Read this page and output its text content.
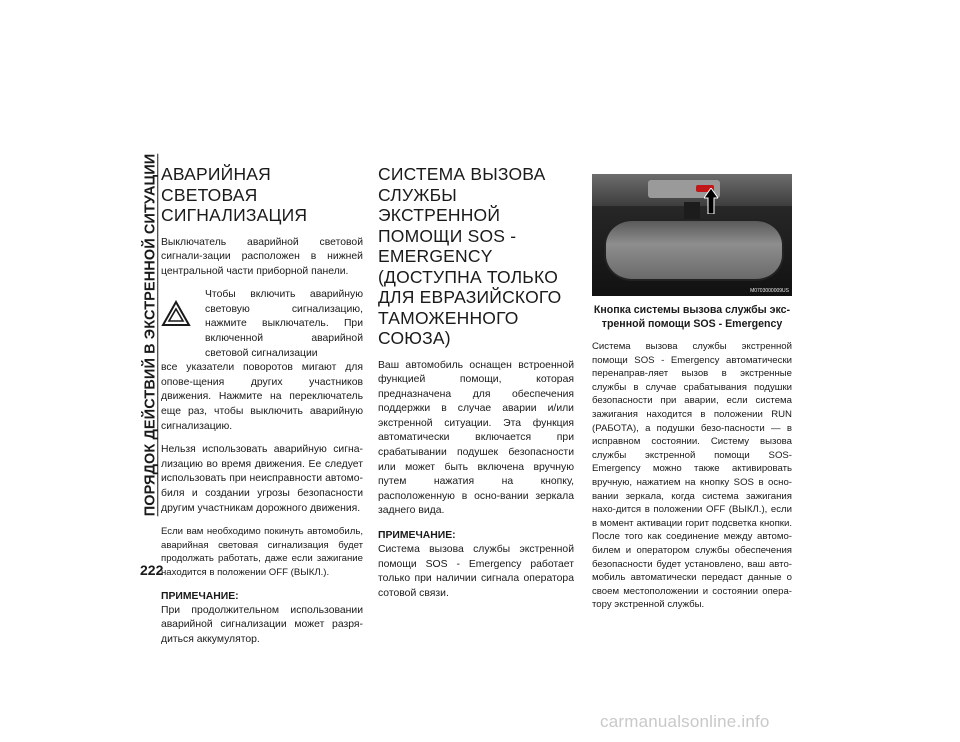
ПОРЯДОК ДЕЙСТВИЙ В ЭКСТРЕННОЙ СИТУАЦИИ
222
АВАРИЙНАЯ СВЕТОВАЯ СИГНАЛИЗАЦИЯ

Выключатель аварийной световой сигнали-зации расположен в нижней центральной части приборной панели.

Чтобы включить аварийную световую сигнализацию, нажмите выключатель. При включенной аварийной световой сигнализации

все указатели поворотов мигают для опове-щения других участников движения. Нажмите на переключатель еще раз, чтобы выключить аварийную сигнализацию.

Нельзя использовать аварийную сигна-лизацию во время движения. Ее следует использовать при неисправности автомо-биля и создании угрозы безопасности другим участникам дорожного движения.

Если вам необходимо покинуть автомобиль, аварийная световая сигнализация будет продолжать работать, даже если зажигание находится в положении OFF (ВЫКЛ.).

ПРИМЕЧАНИЕ:

При продолжительном использовании аварийной сигнализации может разря-диться аккумулятор.

СИСТЕМА ВЫЗОВА СЛУЖБЫ ЭКСТРЕННОЙ ПОМОЩИ SOS - EMERGENCY (ДОСТУПНА ТОЛЬКО ДЛЯ ЕВРАЗИЙСКОГО ТАМОЖЕННОГО СОЮЗА)

Ваш автомобиль оснащен встроенной функцией помощи, которая предназначена для обеспечения поддержки в случае аварии и/или экстренной ситуации. Эта функция автоматически включается при срабатывании подушек безопасности или может быть включена вручную путем нажатия на кнопку, расположенную в осно-вании зеркала заднего вида.

ПРИМЕЧАНИЕ:

Система вызова службы экстренной помощи SOS - Emergency работает только при наличии сигнала оператора сотовой связи.

M0703000009US
Кнопка системы вызова службы экс-тренной помощи SOS - Emergency

Система вызова службы экстренной помощи SOS - Emergency автоматически перенаправ-ляет вызов в экстренные службы в случае срабатывания подушки безопасности при аварии, если система зажигания находится в положении RUN (РАБОТА), а подушки безо-пасности — в исправном состоянии. Систему вызова службы экстренной помощи SOS-Emergency можно также активировать вручную, нажатием на кнопку SOS в осно-вании зеркала, когда система зажигания нахо-дится в положении OFF (ВЫКЛ.), если в момент активации горит подсветка кнопки. После того как соединение между автомо-билем и оператором службы обеспечения безопасности будет установлено, ваш авто-мобиль автоматически передаст данные о своем местоположении и состоянии опера-тору экстренной службы.

carmanualsonline.info
